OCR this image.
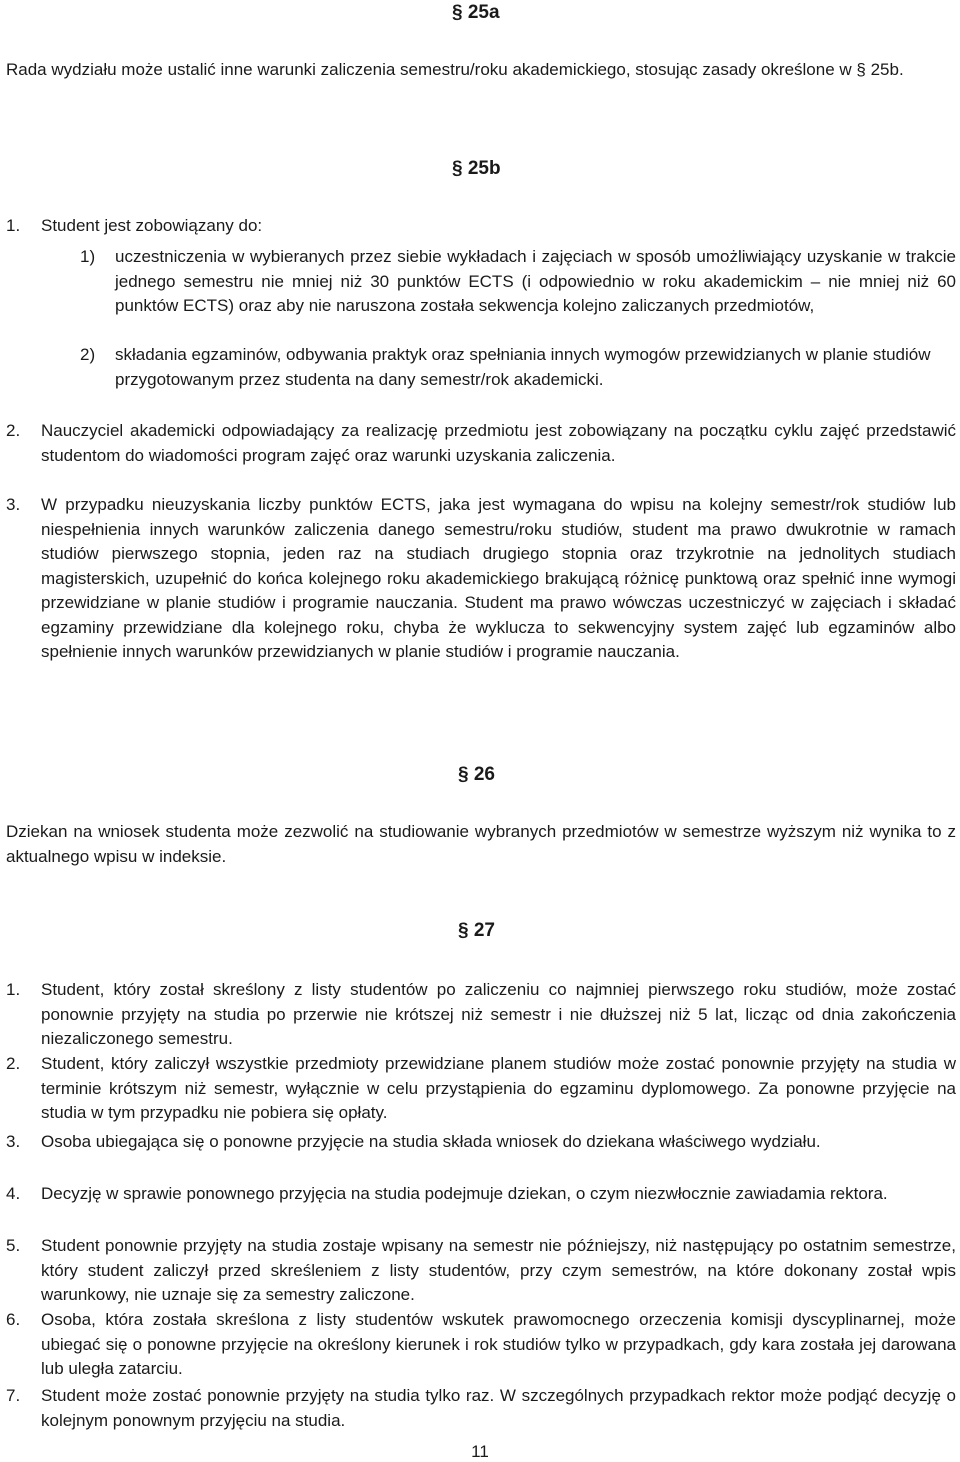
§ 25a
Rada wydziału może ustalić inne warunki zaliczenia semestru/roku akademickiego, stosując zasady określone w § 25b.
§ 25b
1.	Student jest zobowiązany do:
1)	uczestniczenia w wybieranych przez siebie wykładach i zajęciach w sposób umożliwiający uzyskanie w trakcie jednego semestru nie mniej niż 30 punktów ECTS (i odpowiednio w roku akademickim – nie mniej niż 60 punktów ECTS) oraz aby nie naruszona została sekwencja kolejno zaliczanych przedmiotów,
2)	składania egzaminów, odbywania praktyk oraz spełniania innych wymogów przewidzianych w planie studiów przygotowanym przez studenta na dany semestr/rok akademicki.
2.	Nauczyciel akademicki odpowiadający za realizację przedmiotu jest zobowiązany na początku cyklu zajęć przedstawić studentom do wiadomości program zajęć oraz warunki uzyskania zaliczenia.
3.	W przypadku nieuzyskania liczby punktów ECTS, jaka jest wymagana do wpisu na kolejny semestr/rok studiów lub niespełnienia innych warunków zaliczenia danego semestru/roku studiów, student ma prawo dwukrotnie w ramach studiów pierwszego stopnia, jeden raz na studiach drugiego stopnia oraz trzykrotnie na jednolitych studiach magisterskich, uzupełnić do końca kolejnego roku akademickiego brakującą różnicę punktową oraz spełnić inne wymogi przewidziane w planie studiów i programie nauczania. Student ma prawo wówczas uczestniczyć w zajęciach i składać egzaminy przewidziane dla kolejnego roku, chyba że wyklucza to sekwencyjny system zajęć lub egzaminów albo spełnienie innych warunków przewidzianych w planie studiów i programie nauczania.
§ 26
Dziekan na wniosek studenta może zezwolić na studiowanie wybranych przedmiotów w semestrze wyższym niż wynika to z aktualnego wpisu w indeksie.
§ 27
1.	Student, który został skreślony z listy studentów po zaliczeniu co najmniej pierwszego roku studiów, może zostać ponownie przyjęty na studia po przerwie nie krótszej niż semestr i nie dłuższej niż 5 lat, licząc od dnia zakończenia niezaliczonego semestru.
2.	Student, który zaliczył wszystkie przedmioty przewidziane planem studiów może zostać ponownie przyjęty na studia w terminie krótszym niż semestr, wyłącznie w celu przystąpienia do egzaminu dyplomowego. Za ponowne przyjęcie na studia w tym przypadku nie pobiera się opłaty.
3.	Osoba ubiegająca się o ponowne przyjęcie na studia składa wniosek do dziekana właściwego wydziału.
4.	Decyzję w sprawie ponownego przyjęcia na studia podejmuje dziekan, o czym niezwłocznie zawiadamia rektora.
5.	Student ponownie przyjęty na studia zostaje wpisany na semestr nie późniejszy, niż następujący po ostatnim semestrze, który student zaliczył przed skreśleniem z listy studentów, przy czym semestrów, na które dokonany został wpis warunkowy, nie uznaje się za semestry zaliczone.
6.	Osoba, która została skreślona z listy studentów wskutek prawomocnego orzeczenia komisji dyscyplinarnej, może ubiegać się o ponowne przyjęcie na określony kierunek i rok studiów tylko w przypadkach, gdy kara została jej darowana lub uległa zatarciu.
7.	Student może zostać ponownie przyjęty na studia tylko raz. W szczególnych przypadkach rektor może podjąć decyzję o kolejnym ponownym przyjęciu na studia.
11
